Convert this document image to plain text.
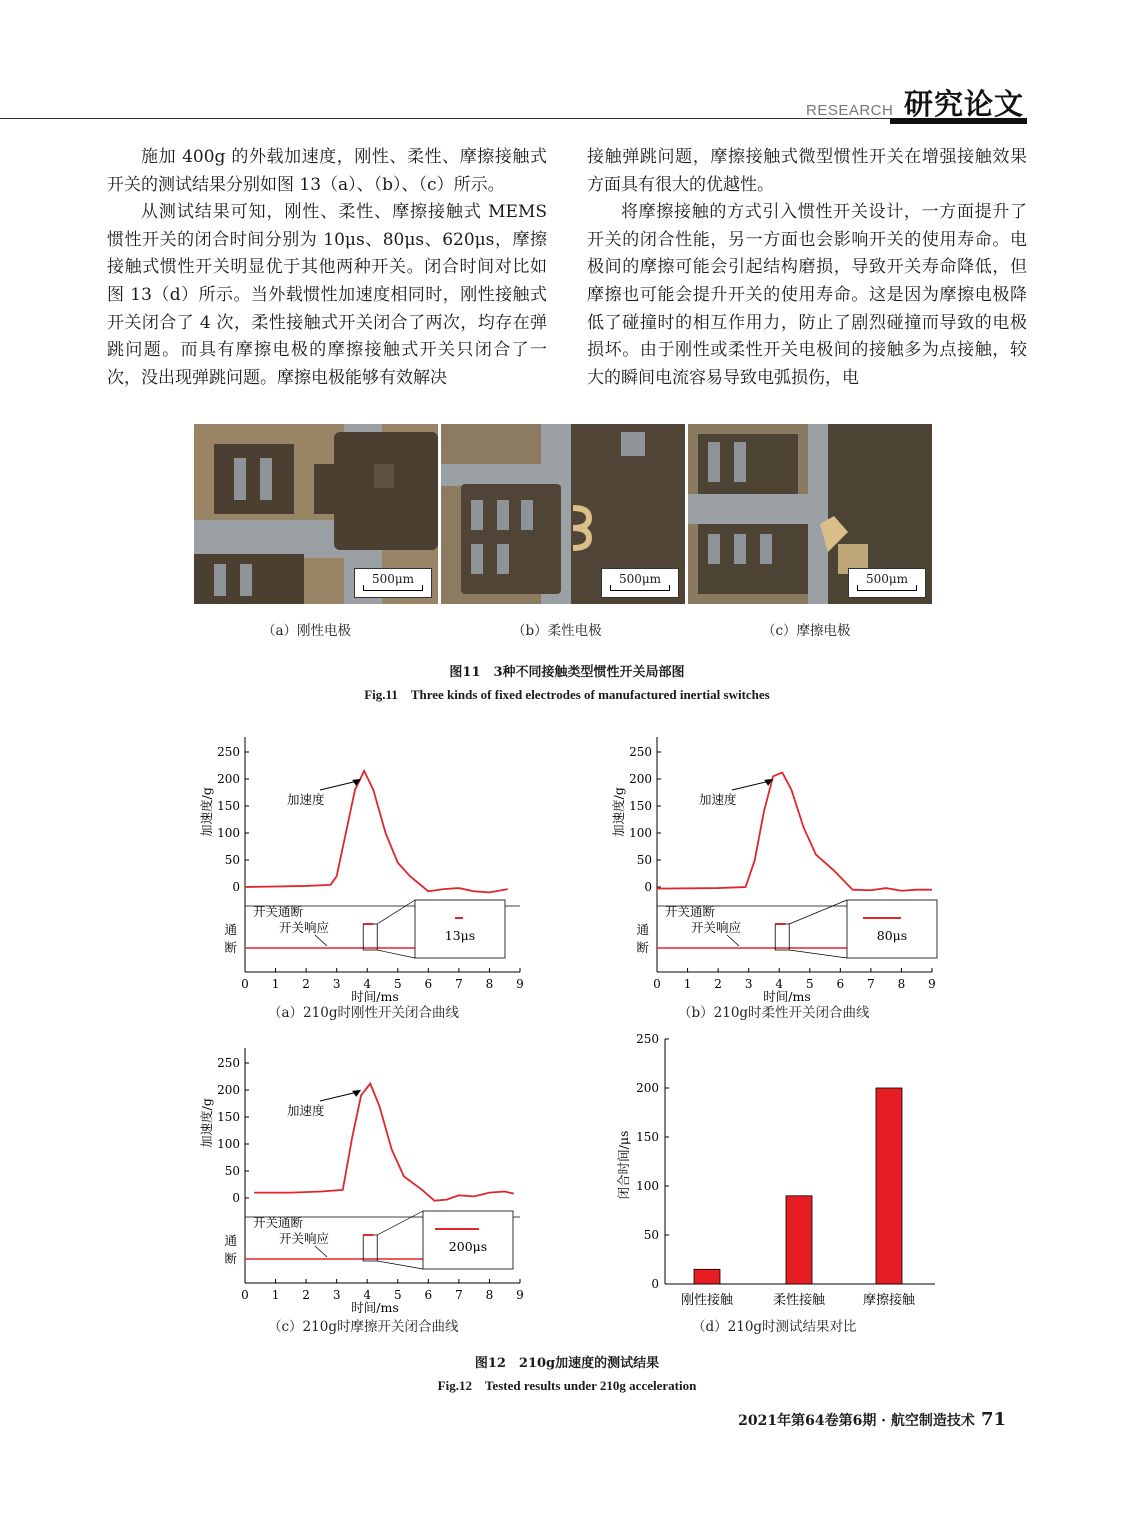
RESEARCH 研究论文

施加 400g 的外载加速度，刚性、柔性、摩擦接触式开关的测试结果分别如图 13（a）、（b）、（c）所示。

从测试结果可知，刚性、柔性、摩擦接触式 MEMS 惯性开关的闭合时间分别为 10μs、80μs、620μs，摩擦接触式惯性开关明显优于其他两种开关。闭合时间对比如图 13（d）所示。当外载惯性加速度相同时，刚性接触式开关闭合了 4 次，柔性接触式开关闭合了两次，均存在弹跳问题。而具有摩擦电极的摩擦接触式开关只闭合了一次，没出现弹跳问题。摩擦电极能够有效解决

接触弹跳问题，摩擦接触式微型惯性开关在增强接触效果方面具有很大的优越性。

将摩擦接触的方式引入惯性开关设计，一方面提升了开关的闭合性能，另一方面也会影响开关的使用寿命。电极间的摩擦可能会引起结构磨损，导致开关寿命降低，但摩擦也可能会提升开关的使用寿命。这是因为摩擦电极降低了碰撞时的相互作用力，防止了剧烈碰撞而导致的电极损坏。由于刚性或柔性开关电极间的接触多为点接触，较大的瞬间电流容易导致电弧损伤，电

500μm	500μm	500μm
（a）刚性电极	（b）柔性电极	（c）摩擦电极
图11　3种不同接触类型惯性开关局部图
Fig.11　Three kinds of fixed electrodes of manufactured inertial switches
250
200
150
100
50
0
0 1 2 3 4 5 6 7 8 9
时间/ms
加速度/g
通
断
加速度
开关通断
开关响应
13μs
250
200
150
100
50
0
0 1 2 3 4 5 6 7 8 9
时间/ms
加速度/g
通
断
加速度
开关通断
开关响应
80μs
250
200
150
100
50
0
0 1 2 3 4 5 6 7 8 9
时间/ms
加速度/g
通
断
加速度
开关通断
开关响应
200μs
250
200
150
100
50
0
闭合时间/μs
刚性接触	柔性接触	摩擦接触
（a）210g时刚性开关闭合曲线	（b）210g时柔性开关闭合曲线
（c）210g时摩擦开关闭合曲线	（d）210g时测试结果对比
图12　210g加速度的测试结果
Fig.12　Tested results under 210g acceleration
2021年第64卷第6期 · 航空制造技术 71
